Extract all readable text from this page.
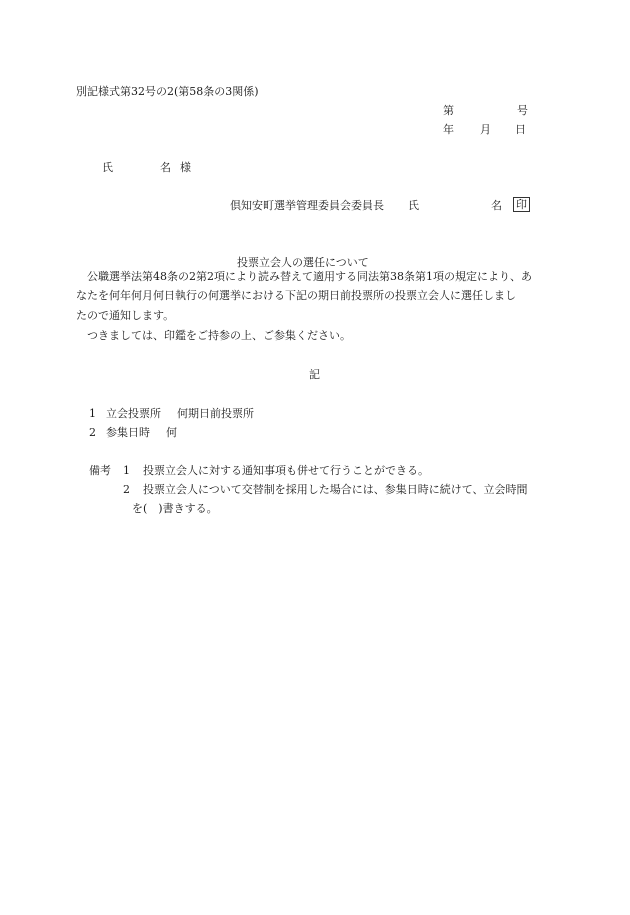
別記様式第32号の2(第58条の3関係)
第	号
年 月 日
氏	名 様
倶知安町選挙管理委員会委員長 氏	名 印
投票立会人の選任について
公職選挙法第48条の2第2項により読み替えて適用する同法第38条第1項の規定により、あ
なたを何年何月何日執行の何選挙における下記の期日前投票所の投票立会人に選任しまし
たので通知します。
つきましては、印鑑をご持参の上、ご参集ください。
記
1 立会投票所 何期日前投票所
2 参集日時 何
備考 1 投票立会人に対する通知事項も併せて行うことができる。
2 投票立会人について交替制を採用した場合には、参集日時に続けて、立会時間
を(　)書きする。
